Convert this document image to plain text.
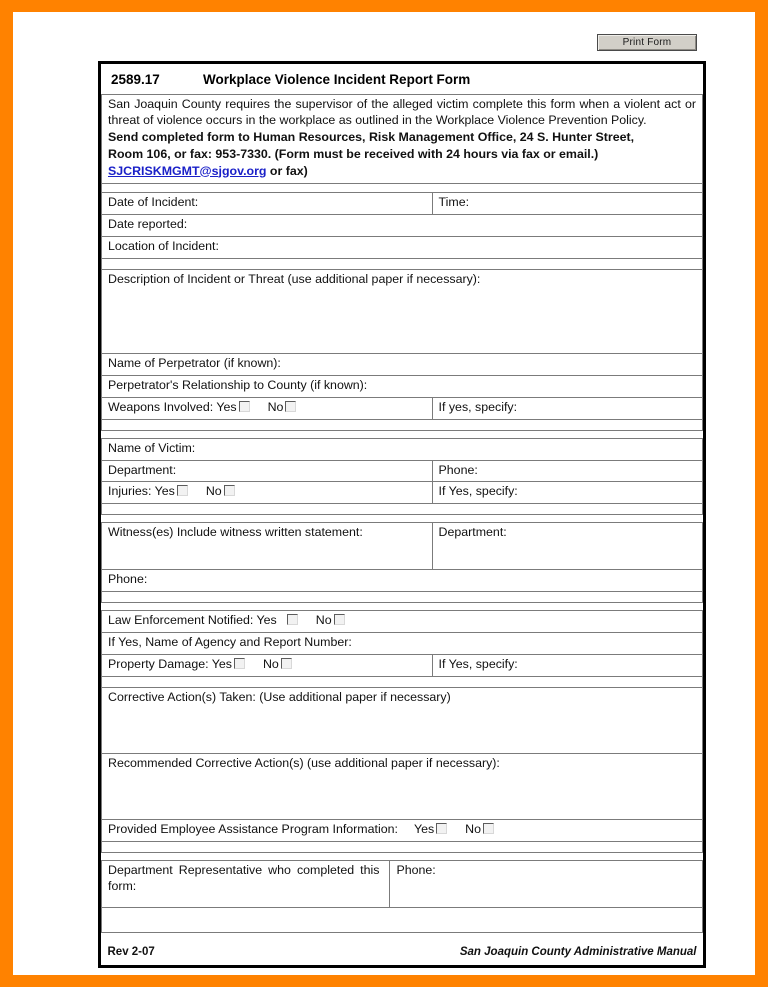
Print Form
2589.17	Workplace Violence Incident Report Form

San Joaquin County requires the supervisor of the alleged victim complete this form when a violent act or threat of violence occurs in the workplace as outlined in the Workplace Violence Prevention Policy.

Send completed form to Human Resources, Risk Management Office, 24 S. Hunter Street,

Room 106, or fax: 953-7330. (Form must be received with 24 hours via fax or email.)

SJCRISKMGMT@sjgov.org or fax)		

Date of Incident:		Time:
Date reported:		
Location of Incident:		

Description of Incident or Threat (use additional paper if necessary):		
Name of Perpetrator (if known):		
Perpetrator's Relationship to County (if known):		
Weapons Involved: Yes No		If yes, specify:

Name of Victim:		
Department:		Phone:
Injuries: Yes No		If Yes, specify:

Witness(es) Include witness written statement:		Department:
Phone:		

Law Enforcement Notified: Yes No		
If Yes, Name of Agency and Report Number:		
Property Damage: Yes No		If Yes, specify:

Corrective Action(s) Taken: (Use additional paper if necessary)		
Recommended Corrective Action(s) (use additional paper if necessary):		
Provided Employee Assistance Program Information: Yes No		

Department Representative who completed this form:	Phone:	

Rev 2-07	San Joaquin County Administrative Manual	
